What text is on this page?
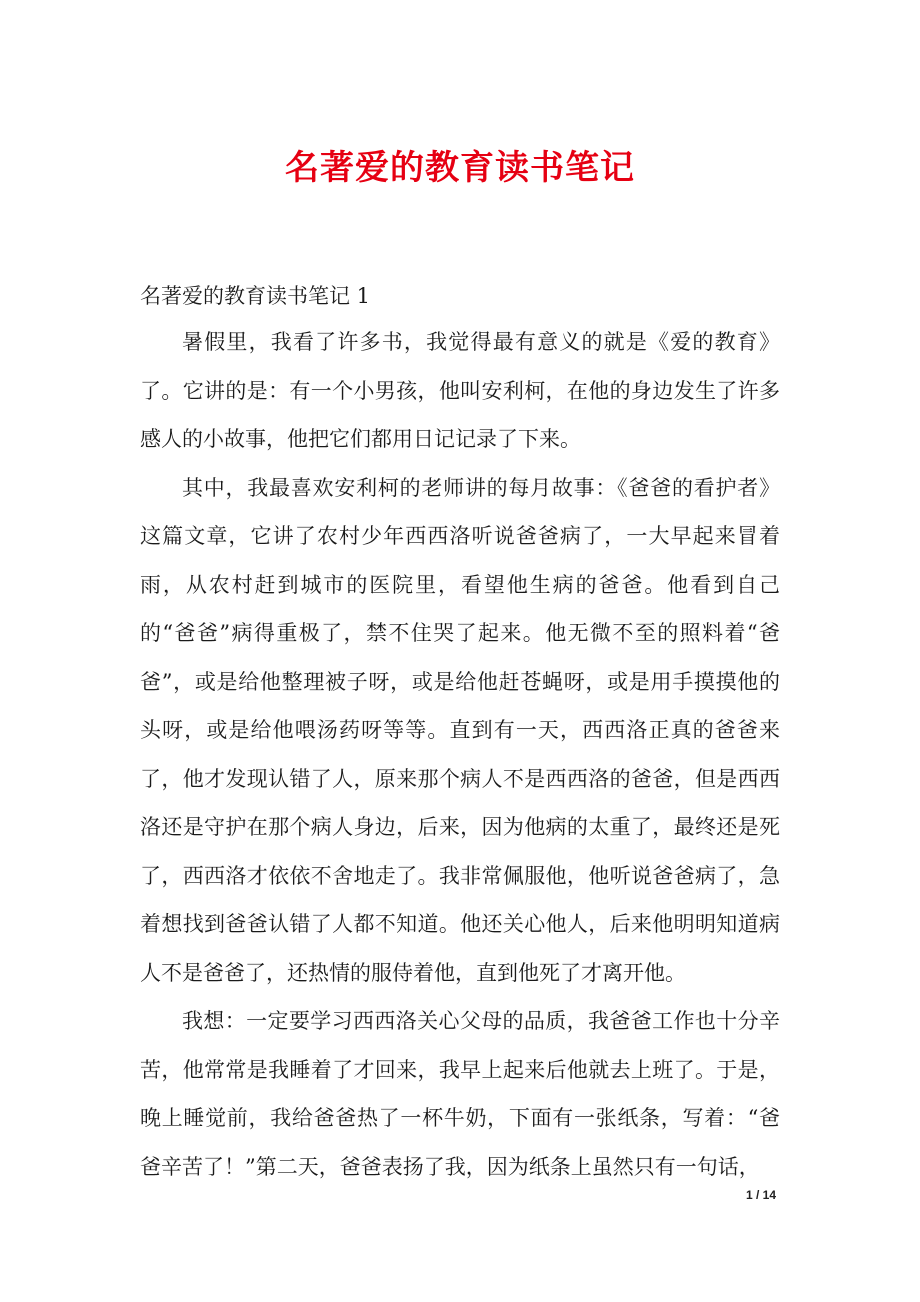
名著爱的教育读书笔记
名著爱的教育读书笔记 1

暑假里，我看了许多书，我觉得最有意义的就是《爱的教育》了。它讲的是：有一个小男孩，他叫安利柯，在他的身边发生了许多感人的小故事，他把它们都用日记记录了下来。

其中，我最喜欢安利柯的老师讲的每月故事：《爸爸的看护者》这篇文章，它讲了农村少年西西洛听说爸爸病了，一大早起来冒着雨，从农村赶到城市的医院里，看望他生病的爸爸。他看到自己的“爸爸”病得重极了，禁不住哭了起来。他无微不至的照料着“爸爸”，或是给他整理被子呀，或是给他赶苍蝇呀，或是用手摸摸他的头呀，或是给他喂汤药呀等等。直到有一天，西西洛正真的爸爸来了，他才发现认错了人，原来那个病人不是西西洛的爸爸，但是西西洛还是守护在那个病人身边，后来，因为他病的太重了，最终还是死了，西西洛才依依不舍地走了。我非常佩服他，他听说爸爸病了，急着想找到爸爸认错了人都不知道。他还关心他人，后来他明明知道病人不是爸爸了，还热情的服侍着他，直到他死了才离开他。

我想：一定要学习西西洛关心父母的品质，我爸爸工作也十分辛苦，他常常是我睡着了才回来，我早上起来后他就去上班了。于是，晚上睡觉前，我给爸爸热了一杯牛奶，下面有一张纸条，写着：“爸爸辛苦了！”第二天，爸爸表扬了我，因为纸条上虽然只有一句话，

1 / 14
